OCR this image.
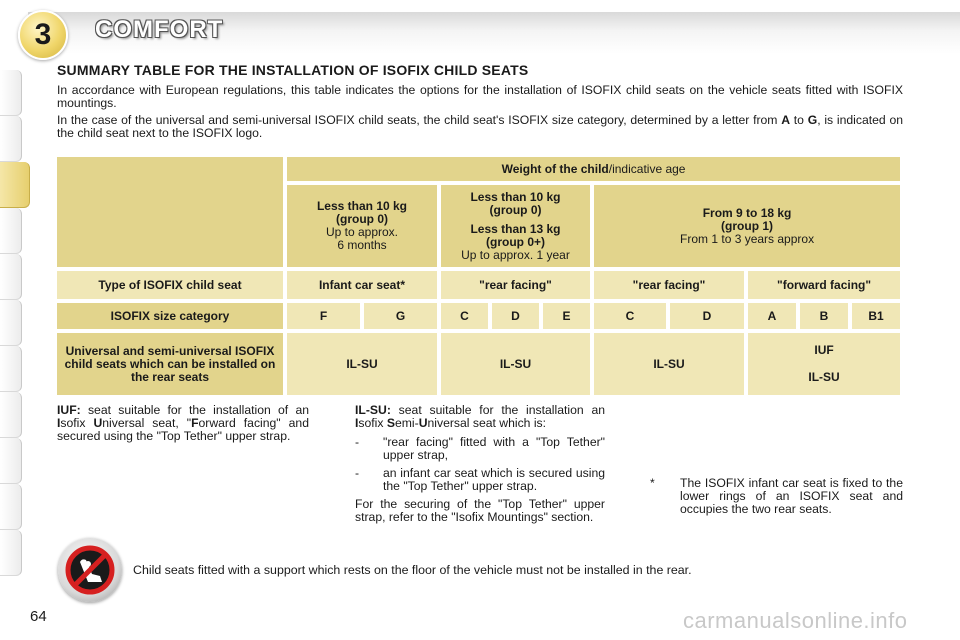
3	COMFORT
SUMMARY TABLE FOR THE INSTALLATION OF ISOFIX CHILD SEATS

In accordance with European regulations, this table indicates the options for the installation of ISOFIX child seats on the vehicle seats fitted with ISOFIX mountings.

In the case of the universal and semi-universal ISOFIX child seats, the child seat's ISOFIX size category, determined by a letter from A to G, is indicated on the child seat next to the ISOFIX logo.

	Weight of the child/indicative age									

	Less than 10 kg
(group 0)
Up to approx.
6 months		Less than 10 kg
(group 0)
Less than 13 kg
(group 0+)
Up to approx. 1 year			From 9 to 18 kg
(group 1)
From 1 to 3 years approx				

Type of ISOFIX child seat	Infant car seat*		"rear facing"			"rear facing"		"forward facing"		
ISOFIX size category	F	G	C	D	E	C	D	A	B	B1
Universal and semi-universal ISOFIX child seats which can be installed on the rear seats	IL-SU		IL-SU			IL-SU		IUF
IL-SU		
IUF: seat suitable for the installation of an Isofix Universal seat, "Forward facing" and secured using the "Top Tether" upper strap.

IL-SU: seat suitable for the installation an Isofix Semi-Universal seat which is:

- "rear facing" fitted with a "Top Tether" upper strap,
- an infant car seat which is secured using the "Top Tether" upper strap.

For the securing of the "Top Tether" upper strap, refer to the "Isofix Mountings" section.

* The ISOFIX infant car seat is fixed to the lower rings of an ISOFIX seat and occupies the two rear seats.
Child seats fitted with a support which rests on the floor of the vehicle must not be installed in the rear.
64	carmanualsonline.info
